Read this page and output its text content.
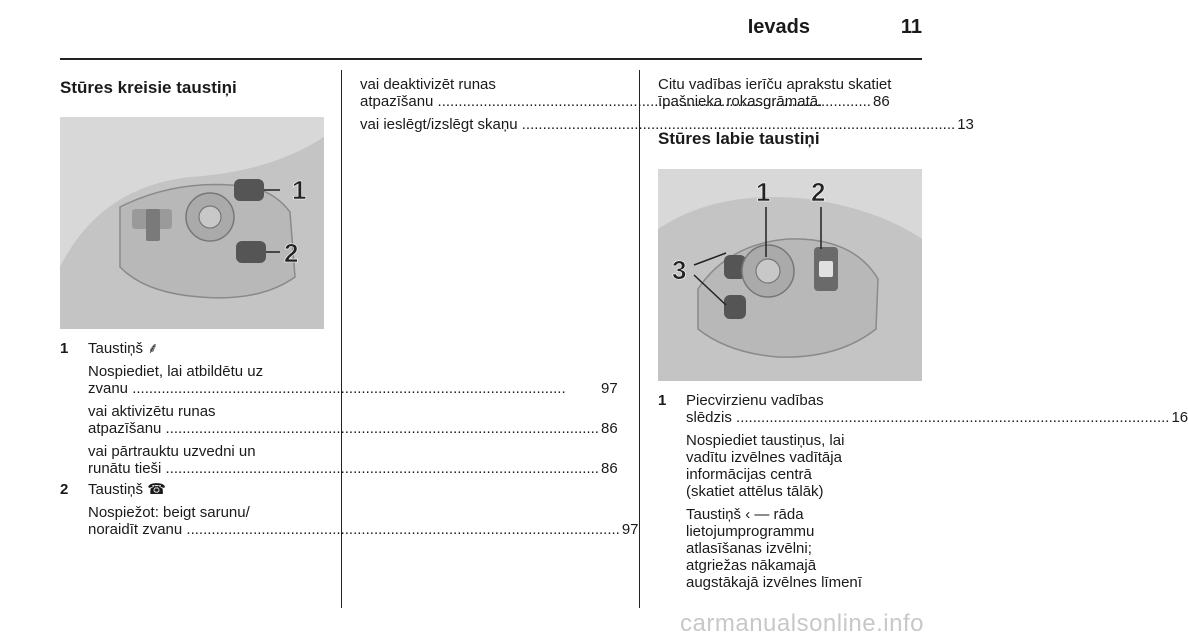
Ievads	11
Stūres kreisie taustiņi
1
2
1	Taustiņš ⸙

Nospiediet, lai atbildētu uz

zvanu .....	97

vai aktivizētu runas

atpazīšanu .....	86

vai pārtrauktu uzvedni un

runātu tieši .....	86
2	Taustiņš ☎

Nospiežot: beigt sarunu/

noraidīt zvanu .....	97

vai deaktivizēt runas

atpazīšanu .....	86
vai ieslēgt/izslēgt skaņu .....	13

Citu vadības ierīču aprakstu skatiet

īpašnieka rokasgrāmatā.

Stūres labie taustiņi
1 2
3
1	Piecvirzienu vadības

slēdzis .....	16

Nospiediet taustiņus, lai

vadītu izvēlnes vadītāja

informācijas centrā

(skatiet attēlus tālāk)

Taustiņš ‹ — rāda

lietojumprogrammu

atlasīšanas izvēlni;

atgriežas nākamajā

augstākajā izvēlnes līmenī

carmanualsonline.info
